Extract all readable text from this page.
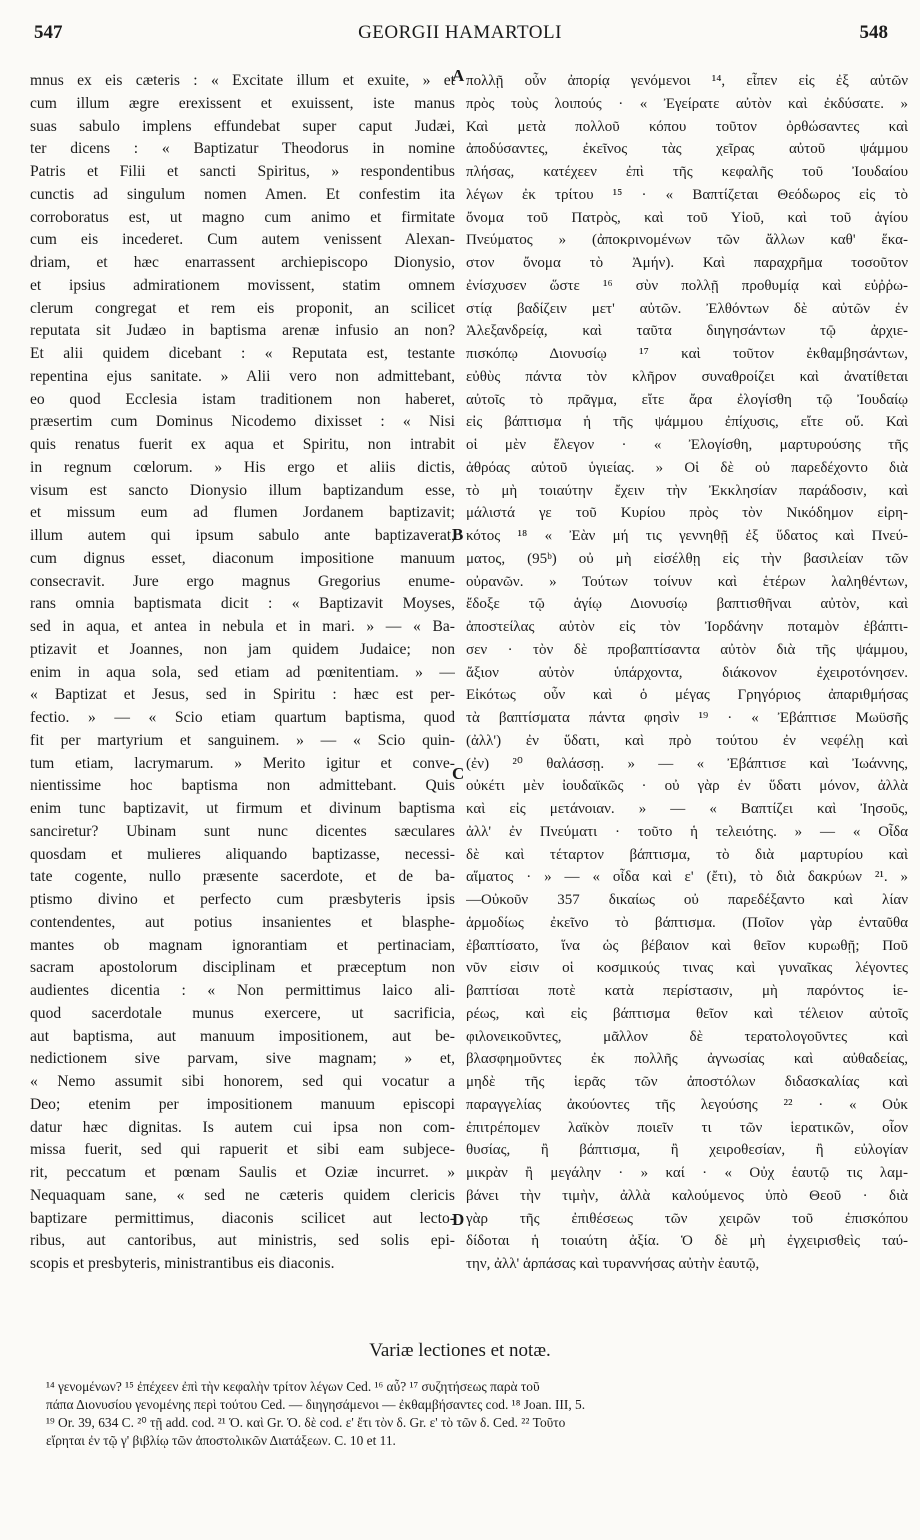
547	GEORGII HAMARTOLI	548
mnus ex eis cæteris : « Excitate illum et exuite, » et
cum illum ægre erexissent et exuissent, iste manus
suas sabulo implens effundebat super caput Judæi,
ter dicens : « Baptizatur Theodorus in nomine
Patris et Filii et sancti Spiritus, » respondentibus
cunctis ad singulum nomen Amen. Et confestim ita
corroboratus est, ut magno cum animo et firmitate
cum eis incederet. Cum autem venissent Alexan-
driam, et hæc enarrassent archiepiscopo Dionysio,
et ipsius admirationem movissent, statim omnem
clerum congregat et rem eis proponit, an scilicet
reputata sit Judæo in baptisma arenæ infusio an non?
Et alii quidem dicebant : « Reputata est, testante
repentina ejus sanitate. » Alii vero non admittebant,
eo quod Ecclesia istam traditionem non haberet,
præsertim cum Dominus Nicodemo dixisset : « Nisi
quis renatus fuerit ex aqua et Spiritu, non intrabit
in regnum cœlorum. » His ergo et aliis dictis,
visum est sancto Dionysio illum baptizandum esse,
et missum eum ad flumen Jordanem baptizavit;
illum autem qui ipsum sabulo ante baptizaverat,
cum dignus esset, diaconum impositione manuum
consecravit. Jure ergo magnus Gregorius enume-
rans omnia baptismata dicit : « Baptizavit Moyses,
sed in aqua, et antea in nebula et in mari. » — « Ba-
ptizavit et Joannes, non jam quidem Judaice; non
enim in aqua sola, sed etiam ad pœnitentiam. » —
« Baptizat et Jesus, sed in Spiritu : hæc est per-
fectio. » — « Scio etiam quartum baptisma, quod
fit per martyrium et sanguinem. » — « Scio quin-
tum etiam, lacrymarum. » Merito igitur et conve-
nientissime hoc baptisma non admittebant. Quis
enim tunc baptizavit, ut firmum et divinum baptisma
sanciretur? Ubinam sunt nunc dicentes sæculares
quosdam et mulieres aliquando baptizasse, necessi-
tate cogente, nullo præsente sacerdote, et de ba-
ptismo divino et perfecto cum præsbyteris ipsis
contendentes, aut potius insanientes et blasphe-
mantes ob magnam ignorantiam et pertinaciam,
sacram apostolorum disciplinam et præceptum non
audientes dicentia : « Non permittimus laico ali-
quod sacerdotale munus exercere, ut sacrificia,
aut baptisma, aut manuum impositionem, aut be-
nedictionem sive parvam, sive magnam; » et,
« Nemo assumit sibi honorem, sed qui vocatur a
Deo; etenim per impositionem manuum episcopi
datur hæc dignitas. Is autem cui ipsa non com-
missa fuerit, sed qui rapuerit et sibi eam subjece-
rit, peccatum et pœnam Saulis et Oziæ incurret. »
Nequaquam sane, « sed ne cæteris quidem clericis
baptizare permittimus, diaconis scilicet aut lecto-
ribus, aut cantoribus, aut ministris, sed solis epi-
scopis et presbyteris, ministrantibus eis diaconis.
πολλῇ οὖν ἀπορίᾳ γενόμενοι ¹⁴, εἶπεν εἰς ἐξ αὐτῶν
πρὸς τοὺς λοιπούς · « Ἐγείρατε αὐτὸν καὶ ἐκδύσατε. »
Καὶ μετὰ πολλοῦ κόπου τοῦτον ὀρθώσαντες καὶ
ἀποδύσαντες, ἐκεῖνος τὰς χεῖρας αὐτοῦ ψάμμου
πλήσας, κατέχεεν ἐπὶ τῆς κεφαλῆς τοῦ Ἰουδαίου
λέγων ἐκ τρίτου ¹⁵ · « Βαπτίζεται Θεόδωρος εἰς τὸ
ὄνομα τοῦ Πατρὸς, καὶ τοῦ Υἱοῦ, καὶ τοῦ ἁγίου
Πνεύματος » (ἀποκρινομένων τῶν ἄλλων καθ' ἕκα-
στον ὄνομα τὸ Ἀμήν). Καὶ παραχρῆμα τοσοῦτον
ἐνίσχυσεν ὥστε ¹⁶ σὺν πολλῇ προθυμίᾳ καὶ εὐῤῥω-
στίᾳ βαδίζειν μετ' αὐτῶν. Ἐλθόντων δὲ αὐτῶν ἐν
Ἀλεξανδρείᾳ, καὶ ταῦτα διηγησάντων τῷ ἀρχιε-
πισκόπῳ Διονυσίῳ ¹⁷ καὶ τοῦτον ἐκθαμβησάντων,
εὐθὺς πάντα τὸν κλῆρον συναθροίζει καὶ ἀνατίθεται
αὐτοῖς τὸ πρᾶγμα, εἴτε ἄρα ἐλογίσθη τῷ Ἰουδαίῳ
εἰς βάπτισμα ἡ τῆς ψάμμου ἐπίχυσις, εἴτε οὔ. Καὶ
οἱ μὲν ἔλεγον · « Ἐλογίσθη, μαρτυρούσης τῆς
ἀθρόας αὐτοῦ ὑγιείας. » Οἱ δὲ οὐ παρεδέχοντο διὰ
τὸ μὴ τοιαύτην ἔχειν τὴν Ἐκκλησίαν παράδοσιν, καὶ
μάλιστά γε τοῦ Κυρίου πρὸς τὸν Νικόδημον εἰρη-
κότος ¹⁸ « Ἐὰν μή τις γεννηθῇ ἐξ ὕδατος καὶ Πνεύ-
ματος, (95ᵇ) οὐ μὴ εἰσέλθῃ εἰς τὴν βασιλείαν τῶν
οὐρανῶν. » Τούτων τοίνυν καὶ ἑτέρων λαληθέντων,
ἔδοξε τῷ ἁγίῳ Διονυσίῳ βαπτισθῆναι αὐτὸν, καὶ
ἀποστείλας αὐτὸν εἰς τὸν Ἰορδάνην ποταμὸν ἐβάπτι-
σεν · τὸν δὲ προβαπτίσαντα αὐτὸν διὰ τῆς ψάμμου,
ἄξιον αὐτὸν ὑπάρχοντα, διάκονον ἐχειροτόνησεν.
Εἰκότως οὖν καὶ ὁ μέγας Γρηγόριος ἀπαριθμήσας
τὰ βαπτίσματα πάντα φησὶν ¹⁹ · « Ἐβάπτισε Μωϋσῆς
(ἀλλ') ἐν ὕδατι, καὶ πρὸ τούτου ἐν νεφέλῃ καὶ
(ἐν) ²⁰ θαλάσσῃ. » — « Ἐβάπτισε καὶ Ἰωάννης,
οὐκέτι μὲν ἰουδαϊκῶς · οὐ γὰρ ἐν ὕδατι μόνον, ἀλλὰ
καὶ εἰς μετάνοιαν. » — « Βαπτίζει καὶ Ἰησοῦς,
ἀλλ' ἐν Πνεύματι · τοῦτο ἡ τελειότης. » — « Οἶδα
δὲ καὶ τέταρτον βάπτισμα, τὸ διὰ μαρτυρίου καὶ
αἵματος · » — « οἶδα καὶ ε' (ἔτι), τὸ διὰ δακρύων ²¹. »
—Οὐκοῦν 357 δικαίως οὐ παρεδέξαντο καὶ λίαν
ἁρμοδίως ἐκεῖνο τὸ βάπτισμα. (Ποῖον γὰρ ἐνταῦθα
ἐβαπτίσατο, ἵνα ὡς βέβαιον καὶ θεῖον κυρωθῇ; Ποῦ
νῦν εἰσιν οἱ κοσμικούς τινας καὶ γυναῖκας λέγοντες
βαπτίσαι ποτὲ κατὰ περίστασιν, μὴ παρόντος ἱε-
ρέως, καὶ εἰς βάπτισμα θεῖον καὶ τέλειον αὐτοῖς
φιλονεικοῦντες, μᾶλλον δὲ τερατολογοῦντες καὶ
βλασφημοῦντες ἐκ πολλῆς ἀγνωσίας καὶ αὐθαδείας,
μηδὲ τῆς ἱερᾶς τῶν ἀποστόλων διδασκαλίας καὶ
παραγγελίας ἀκούοντες τῆς λεγούσης ²² · « Οὐκ
ἐπιτρέπομεν λαϊκὸν ποιεῖν τι τῶν ἱερατικῶν, οἷον
θυσίας, ἢ βάπτισμα, ἢ χειροθεσίαν, ἢ εὐλογίαν
μικρὰν ἢ μεγάλην · » καί · « Οὐχ ἑαυτῷ τις λαμ-
βάνει τὴν τιμὴν, ἀλλὰ καλούμενος ὑπὸ Θεοῦ · διὰ
γὰρ τῆς ἐπιθέσεως τῶν χειρῶν τοῦ ἐπισκόπου
δίδοται ἡ τοιαύτη ἀξία. Ὁ δὲ μὴ ἐγχειρισθεὶς ταύ-
την, ἀλλ' ἁρπάσας καὶ τυραννήσας αὐτὴν ἑαυτῷ,
A
B
C
D
Variæ lectiones et notæ.
¹⁴ γενομένων? ¹⁵ ἐπέχεεν ἐπὶ τὴν κεφαλὴν τρίτον λέγων Ced. ¹⁶ αὖ? ¹⁷ συζητήσεως παρὰ τοῦ
πάπα Διονυσίου γενομένης περὶ τούτου Ced. — διηγησάμενοι — ἐκθαμβήσαντες cod. ¹⁸ Joan. III, 5.
¹⁹ Or. 39, 634 C. ²⁰ τῇ add. cod. ²¹ Ὁ. καὶ Gr. Ὁ. δὲ cod. ε' ἔτι τὸν δ. Gr. ε' τὸ τῶν δ. Ced. ²² Τοῦτο
εἴρηται ἐν τῷ γ' βιβλίῳ τῶν ἀποστολικῶν Διατάξεων. C. 10 et 11.
